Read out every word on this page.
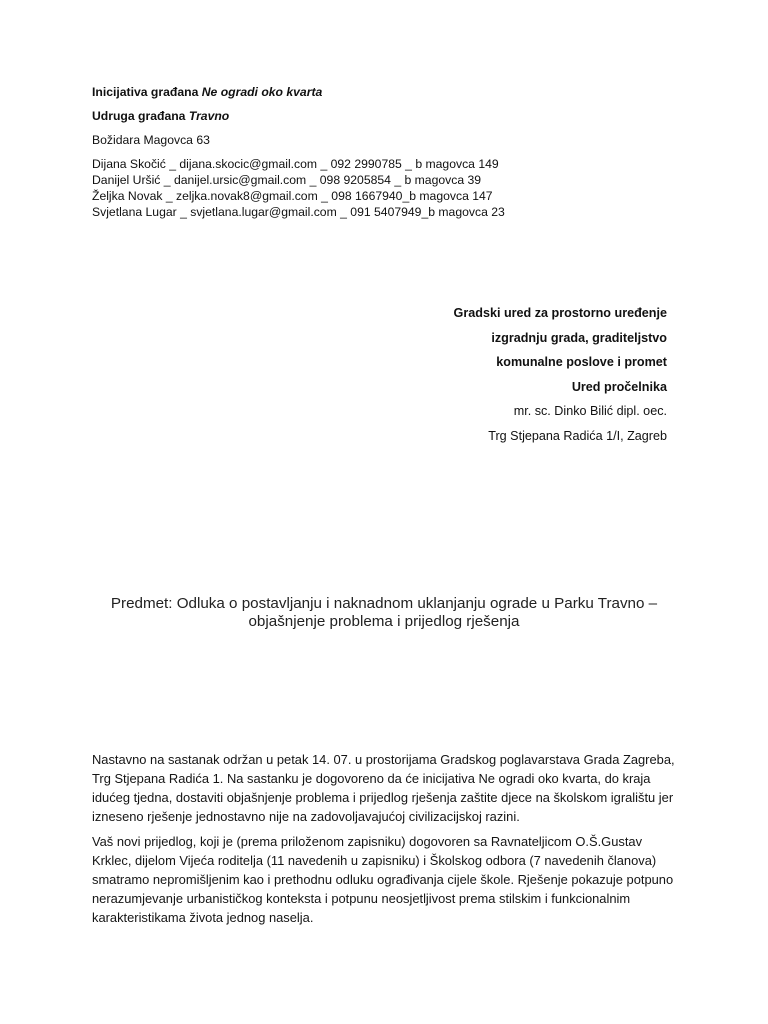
Inicijativa građana Ne ogradi oko kvarta
Udruga građana Travno
Božidara Magovca 63
Dijana Skočić _ dijana.skocic@gmail.com _ 092 2990785 _ b magovca 149
Danijel Uršić _ danijel.ursic@gmail.com _ 098 9205854 _ b magovca 39
Željka Novak _ zeljka.novak8@gmail.com _ 098 1667940_b magovca 147
Svjetlana Lugar _ svjetlana.lugar@gmail.com _ 091 5407949_b magovca 23
Gradski ured za prostorno uređenje
izgradnju grada, graditeljstvo
komunalne poslove i promet
Ured pročelnika
mr. sc. Dinko Bilić dipl. oec.
Trg Stjepana Radića 1/I, Zagreb
Predmet: Odluka o postavljanju i naknadnom uklanjanju ograde u Parku Travno –
objašnjenje problema i prijedlog rješenja

Nastavno na sastanak održan u petak 14. 07. u prostorijama Gradskog poglavarstava Grada Zagreba, Trg Stjepana Radića 1. Na sastanku je dogovoreno da će inicijativa Ne ogradi oko kvarta, do kraja idućeg tjedna, dostaviti objašnjenje problema i prijedlog rješenja zaštite djece na školskom igralištu jer izneseno rješenje jednostavno nije na zadovoljavajućoj civilizacijskoj razini.

Vaš novi prijedlog, koji je (prema priloženom zapisniku) dogovoren sa Ravnateljicom O.Š.Gustav Krklec, dijelom Vijeća roditelja (11 navedenih u zapisniku) i Školskog odbora (7 navedenih članova) smatramo nepromišljenim kao i prethodnu odluku ograđivanja cijele škole. Rješenje pokazuje potpuno nerazumjevanje urbanističkog konteksta i potpunu neosjetljivost prema stilskim i funkcionalnim karakteristikama života jednog naselja.
